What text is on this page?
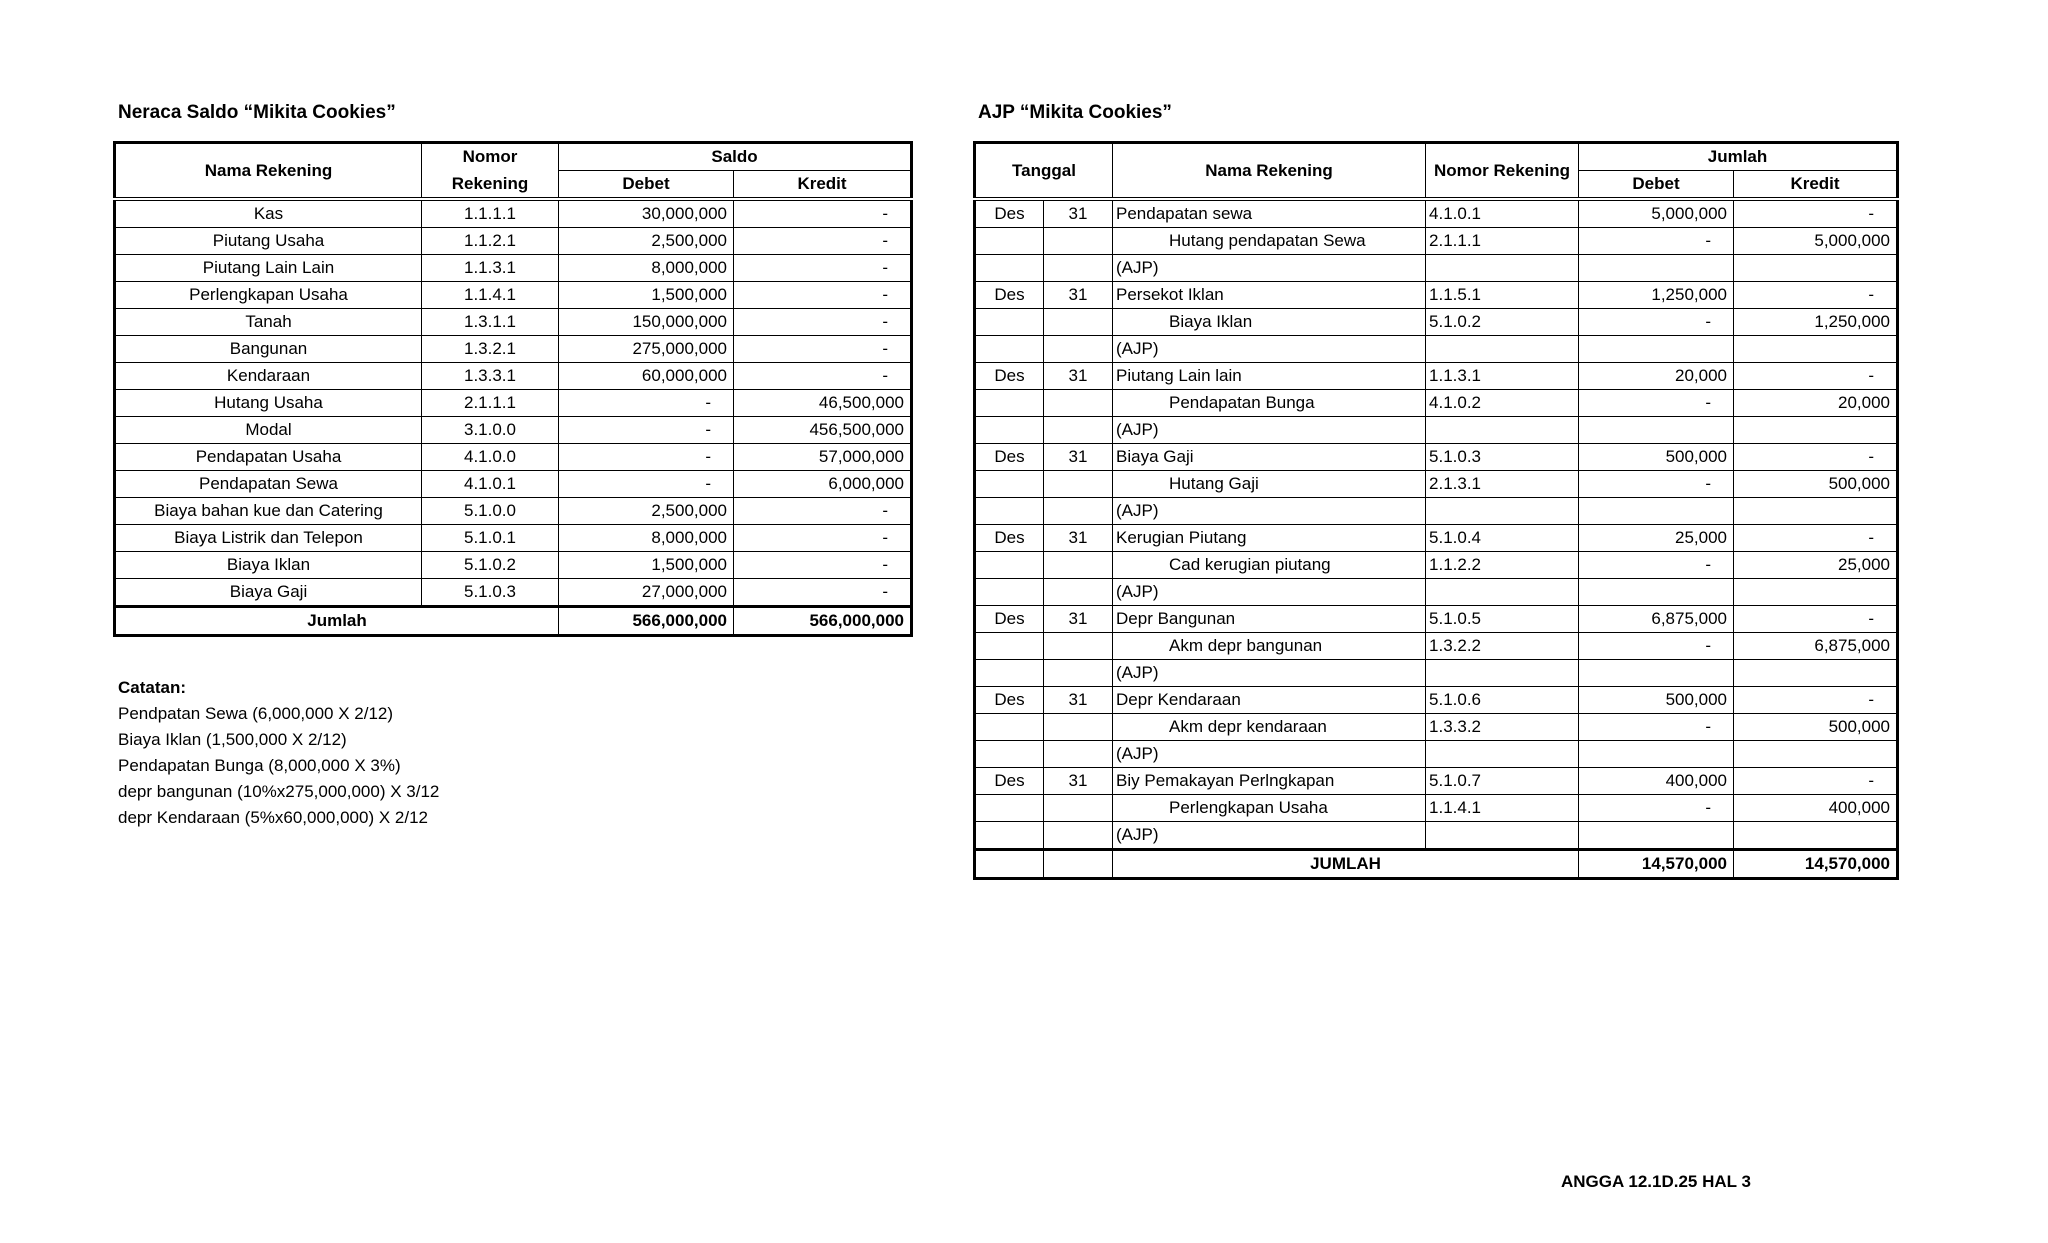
Neraca Saldo “Mikita Cookies”
Nama Rekening	Nomor	Saldo	
	Rekening	Debet	Kredit
Kas	1.1.1.1	30,000,000	-
Piutang Usaha	1.1.2.1	2,500,000	-
Piutang Lain Lain	1.1.3.1	8,000,000	-
Perlengkapan Usaha	1.1.4.1	1,500,000	-
Tanah	1.3.1.1	150,000,000	-
Bangunan	1.3.2.1	275,000,000	-
Kendaraan	1.3.3.1	60,000,000	-
Hutang Usaha	2.1.1.1	-	46,500,000
Modal	3.1.0.0	-	456,500,000
Pendapatan Usaha	4.1.0.0	-	57,000,000
Pendapatan Sewa	4.1.0.1	-	6,000,000
Biaya bahan kue dan Catering	5.1.0.0	2,500,000	-
Biaya Listrik dan Telepon	5.1.0.1	8,000,000	-
Biaya Iklan	5.1.0.2	1,500,000	-
Biaya Gaji	5.1.0.3	27,000,000	-
Jumlah		566,000,000	566,000,000
Catatan:
Pendpatan Sewa (6,000,000 X 2/12)
Biaya Iklan (1,500,000 X 2/12)
Pendapatan Bunga (8,000,000 X 3%)
depr bangunan (10%x275,000,000) X 3/12
depr Kendaraan (5%x60,000,000) X 2/12
AJP “Mikita Cookies”
Tanggal		Nama Rekening	Nomor Rekening	Jumlah	
				Debet	Kredit
Des	31	Pendapatan sewa	4.1.0.1	5,000,000	-
		Hutang pendapatan Sewa	2.1.1.1	-	5,000,000
		(AJP)			
Des	31	Persekot Iklan	1.1.5.1	1,250,000	-
		Biaya Iklan	5.1.0.2	-	1,250,000
		(AJP)			
Des	31	Piutang Lain lain	1.1.3.1	20,000	-
		Pendapatan Bunga	4.1.0.2	-	20,000
		(AJP)			
Des	31	Biaya Gaji	5.1.0.3	500,000	-
		Hutang Gaji	2.1.3.1	-	500,000
		(AJP)			
Des	31	Kerugian Piutang	5.1.0.4	25,000	-
		Cad kerugian piutang	1.1.2.2	-	25,000
		(AJP)			
Des	31	Depr Bangunan	5.1.0.5	6,875,000	-
		Akm depr bangunan	1.3.2.2	-	6,875,000
		(AJP)			
Des	31	Depr Kendaraan	5.1.0.6	500,000	-
		Akm depr kendaraan	1.3.3.2	-	500,000
		(AJP)			
Des	31	Biy Pemakayan Perlngkapan	5.1.0.7	400,000	-
		Perlengkapan Usaha	1.1.4.1	-	400,000
		(AJP)			
		JUMLAH		14,570,000	14,570,000
ANGGA 12.1D.25 HAL 3
